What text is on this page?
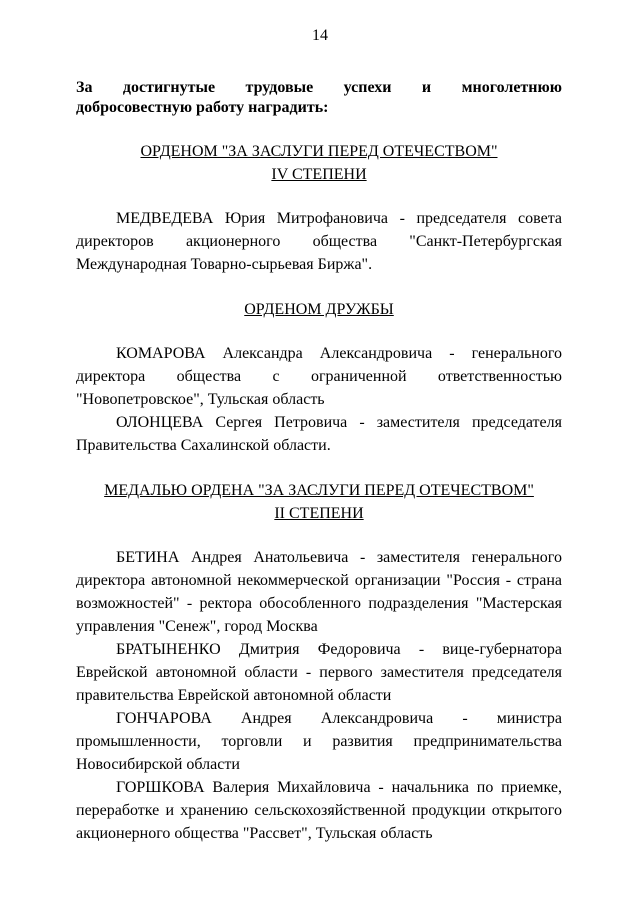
14
За достигнутые трудовые успехи и многолетнюю
добросовестную работу наградить:
ОРДЕНОМ "ЗА ЗАСЛУГИ ПЕРЕД ОТЕЧЕСТВОМ"
IV СТЕПЕНИ
МЕДВЕДЕВА Юрия Митрофановича - председателя совета
директоров акционерного общества "Санкт-Петербургская
Международная Товарно-сырьевая Биржа".
ОРДЕНОМ ДРУЖБЫ
КОМАРОВА Александра Александровича - генерального
директора общества с ограниченной ответственностью
"Новопетровское", Тульская область
ОЛОНЦЕВА Сергея Петровича - заместителя председателя
Правительства Сахалинской области.
МЕДАЛЬЮ ОРДЕНА "ЗА ЗАСЛУГИ ПЕРЕД ОТЕЧЕСТВОМ"
II СТЕПЕНИ
БЕТИНА Андрея Анатольевича - заместителя генерального
директора автономной некоммерческой организации "Россия - страна
возможностей" - ректора обособленного подразделения "Мастерская
управления "Сенеж", город Москва
БРАТЫНЕНКО Дмитрия Федоровича - вице-губернатора
Еврейской автономной области - первого заместителя председателя
правительства Еврейской автономной области
ГОНЧАРОВА Андрея Александровича - министра
промышленности, торговли и развития предпринимательства
Новосибирской области
ГОРШКОВА Валерия Михайловича - начальника по приемке,
переработке и хранению сельскохозяйственной продукции открытого
акционерного общества "Рассвет", Тульская область
